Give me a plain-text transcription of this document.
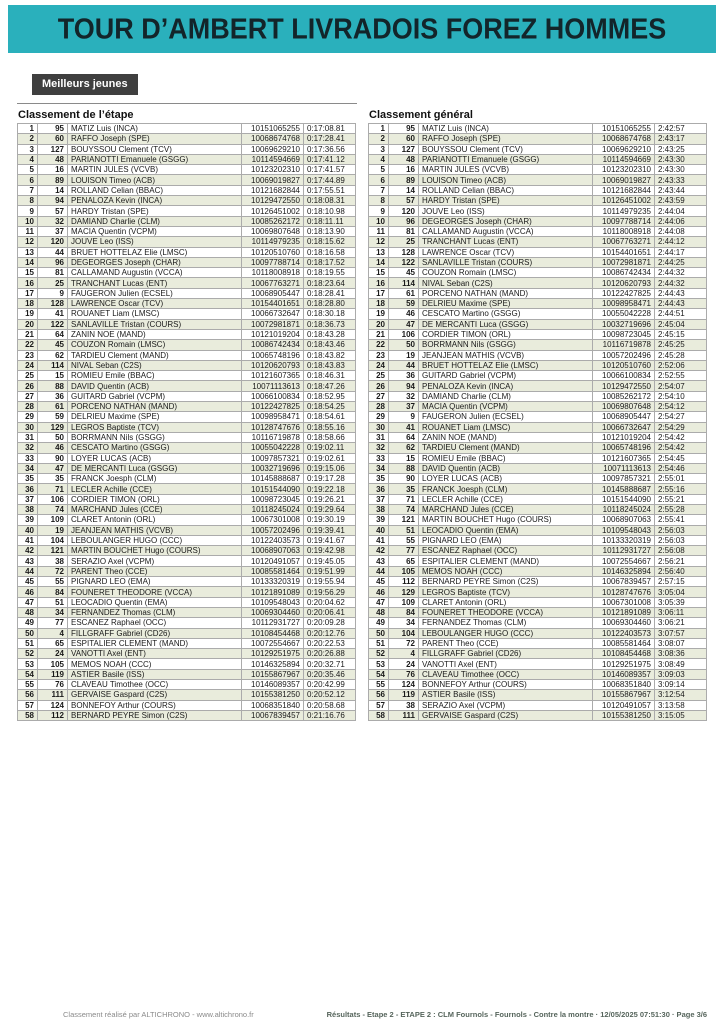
TOUR D’AMBERT LIVRADOIS FOREZ HOMMES
Meilleurs jeunes
Classement de l’étape
1	95	MATIZ Luis (INCA)	10151065255	0:17:08.81
2	60	RAFFO Joseph (SPE)	10068674768	0:17:28.41
3	127	BOUYSSOU Clement (TCV)	10069629210	0:17:36.56
4	48	PARIANOTTI Emanuele (GSGG)	10114594669	0:17:41.12
5	16	MARTIN JULES (VCVB)	10123202310	0:17:41.57
6	89	LOUISON Timeo (ACB)	10069019827	0:17:44.89
7	14	ROLLAND Celian (BBAC)	10121682844	0:17:55.51
8	94	PENALOZA Kevin (INCA)	10129472550	0:18:08.31
9	57	HARDY Tristan (SPE)	10126451002	0:18:10.98
10	32	DAMIAND Charlie (CLM)	10085262172	0:18:11.11
11	37	MACIA Quentin (VCPM)	10069807648	0:18:13.90
12	120	JOUVE Leo (ISS)	10114979235	0:18:15.62
13	44	BRUET HOTTELAZ Elie (LMSC)	10120510760	0:18:16.58
14	96	DEGEORGES Joseph (CHAR)	10097788714	0:18:17.52
15	81	CALLAMAND Augustin (VCCA)	10118008918	0:18:19.55
16	25	TRANCHANT Lucas (ENT)	10067763271	0:18:23.64
17	9	FAUGERON Julien (ECSEL)	10068905447	0:18:28.41
18	128	LAWRENCE Oscar (TCV)	10154401651	0:18:28.80
19	41	ROUANET Liam (LMSC)	10066732647	0:18:30.18
20	122	SANLAVILLE Tristan (COURS)	10072981871	0:18:36.73
21	64	ZANIN NOE (MAND)	10121019204	0:18:43.28
22	45	COUZON Romain (LMSC)	10086742434	0:18:43.46
23	62	TARDIEU Clement (MAND)	10065748196	0:18:43.82
24	114	NIVAL Seban (C2S)	10120620793	0:18:43.83
25	15	ROMIEU Emile (BBAC)	10121607365	0:18:46.31
26	88	DAVID Quentin (ACB)	10071113613	0:18:47.26
27	36	GUITARD Gabriel (VCPM)	10066100834	0:18:52.95
28	61	PORCENO NATHAN (MAND)	10122427825	0:18:54.25
29	59	DELRIEU Maxime (SPE)	10098958471	0:18:54.61
30	129	LEGROS Baptiste (TCV)	10128747676	0:18:55.16
31	50	BORRMANN Nils (GSGG)	10116719878	0:18:58.66
32	46	CESCATO Martino (GSGG)	10055042228	0:19:02.11
33	90	LOYER LUCAS (ACB)	10097857321	0:19:02.61
34	47	DE MERCANTI Luca (GSGG)	10032719696	0:19:15.06
35	35	FRANCK Joesph (CLM)	10145888687	0:19:17.28
36	71	LECLER Achille (CCE)	10151544090	0:19:22.18
37	106	CORDIER TIMON (ORL)	10098723045	0:19:26.21
38	74	MARCHAND Jules (CCE)	10118245024	0:19:29.64
39	109	CLARET Antonin (ORL)	10067301008	0:19:30.19
40	19	JEANJEAN MATHIS (VCVB)	10057202496	0:19:39.41
41	104	LEBOULANGER HUGO (CCC)	10122403573	0:19:41.67
42	121	MARTIN BOUCHET Hugo (COURS)	10068907063	0:19:42.98
43	38	SERAZIO Axel (VCPM)	10120491057	0:19:45.05
44	72	PARENT Theo (CCE)	10085581464	0:19:51.99
45	55	PIGNARD LEO (EMA)	10133320319	0:19:55.94
46	84	FOUNERET THEODORE (VCCA)	10121891089	0:19:56.29
47	51	LEOCADIO Quentin (EMA)	10109548043	0:20:04.62
48	34	FERNANDEZ Thomas (CLM)	10069304460	0:20:06.41
49	77	ESCANEZ Raphael (OCC)	10112931727	0:20:09.28
50	4	FILLGRAFF Gabriel (CD26)	10108454468	0:20:12.76
51	65	ESPITALIER CLEMENT (MAND)	10072554667	0:20:22.53
52	24	VANOTTI Axel (ENT)	10129251975	0:20:26.88
53	105	MEMOS NOAH (CCC)	10146325894	0:20:32.71
54	119	ASTIER Basile (ISS)	10155867967	0:20:35.46
55	76	CLAVEAU Timothee (OCC)	10146089357	0:20:42.99
56	111	GERVAISE Gaspard (C2S)	10155381250	0:20:52.12
57	124	BONNEFOY Arthur (COURS)	10068351840	0:20:58.68
58	112	BERNARD PEYRE Simon (C2S)	10067839457	0:21:16.76
Classement général
1	95	MATIZ Luis (INCA)	10151065255	2:42:57
2	60	RAFFO Joseph (SPE)	10068674768	2:43:17
3	127	BOUYSSOU Clement (TCV)	10069629210	2:43:25
4	48	PARIANOTTI Emanuele (GSGG)	10114594669	2:43:30
5	16	MARTIN JULES (VCVB)	10123202310	2:43:30
6	89	LOUISON Timeo (ACB)	10069019827	2:43:33
7	14	ROLLAND Celian (BBAC)	10121682844	2:43:44
8	57	HARDY Tristan (SPE)	10126451002	2:43:59
9	120	JOUVE Leo (ISS)	10114979235	2:44:04
10	96	DEGEORGES Joseph (CHAR)	10097788714	2:44:06
11	81	CALLAMAND Augustin (VCCA)	10118008918	2:44:08
12	25	TRANCHANT Lucas (ENT)	10067763271	2:44:12
13	128	LAWRENCE Oscar (TCV)	10154401651	2:44:17
14	122	SANLAVILLE Tristan (COURS)	10072981871	2:44:25
15	45	COUZON Romain (LMSC)	10086742434	2:44:32
16	114	NIVAL Seban (C2S)	10120620793	2:44:32
17	61	PORCENO NATHAN (MAND)	10122427825	2:44:43
18	59	DELRIEU Maxime (SPE)	10098958471	2:44:43
19	46	CESCATO Martino (GSGG)	10055042228	2:44:51
20	47	DE MERCANTI Luca (GSGG)	10032719696	2:45:04
21	106	CORDIER TIMON (ORL)	10098723045	2:45:15
22	50	BORRMANN Nils (GSGG)	10116719878	2:45:25
23	19	JEANJEAN MATHIS (VCVB)	10057202496	2:45:28
24	44	BRUET HOTTELAZ Elie (LMSC)	10120510760	2:52:06
25	36	GUITARD Gabriel (VCPM)	10066100834	2:52:55
26	94	PENALOZA Kevin (INCA)	10129472550	2:54:07
27	32	DAMIAND Charlie (CLM)	10085262172	2:54:10
28	37	MACIA Quentin (VCPM)	10069807648	2:54:12
29	9	FAUGERON Julien (ECSEL)	10068905447	2:54:27
30	41	ROUANET Liam (LMSC)	10066732647	2:54:29
31	64	ZANIN NOE (MAND)	10121019204	2:54:42
32	62	TARDIEU Clement (MAND)	10065748196	2:54:42
33	15	ROMIEU Emile (BBAC)	10121607365	2:54:45
34	88	DAVID Quentin (ACB)	10071113613	2:54:46
35	90	LOYER LUCAS (ACB)	10097857321	2:55:01
36	35	FRANCK Joesph (CLM)	10145888687	2:55:16
37	71	LECLER Achille (CCE)	10151544090	2:55:21
38	74	MARCHAND Jules (CCE)	10118245024	2:55:28
39	121	MARTIN BOUCHET Hugo (COURS)	10068907063	2:55:41
40	51	LEOCADIO Quentin (EMA)	10109548043	2:56:03
41	55	PIGNARD LEO (EMA)	10133320319	2:56:03
42	77	ESCANEZ Raphael (OCC)	10112931727	2:56:08
43	65	ESPITALIER CLEMENT (MAND)	10072554667	2:56:21
44	105	MEMOS NOAH (CCC)	10146325894	2:56:40
45	112	BERNARD PEYRE Simon (C2S)	10067839457	2:57:15
46	129	LEGROS Baptiste (TCV)	10128747676	3:05:04
47	109	CLARET Antonin (ORL)	10067301008	3:05:39
48	84	FOUNERET THEODORE (VCCA)	10121891089	3:06:11
49	34	FERNANDEZ Thomas (CLM)	10069304460	3:06:21
50	104	LEBOULANGER HUGO (CCC)	10122403573	3:07:57
51	72	PARENT Theo (CCE)	10085581464	3:08:07
52	4	FILLGRAFF Gabriel (CD26)	10108454468	3:08:36
53	24	VANOTTI Axel (ENT)	10129251975	3:08:49
54	76	CLAVEAU Timothee (OCC)	10146089357	3:09:03
55	124	BONNEFOY Arthur (COURS)	10068351840	3:09:14
56	119	ASTIER Basile (ISS)	10155867967	3:12:54
57	38	SERAZIO Axel (VCPM)	10120491057	3:13:58
58	111	GERVAISE Gaspard (C2S)	10155381250	3:15:05
Classement réalisé par ALTICHRONO - www.altichrono.fr	Résultats - Etape 2 - ETAPE 2 : CLM Fournols - Fournols - Contre la montre · 12/05/2025 07:51:30 · Page 3/6
